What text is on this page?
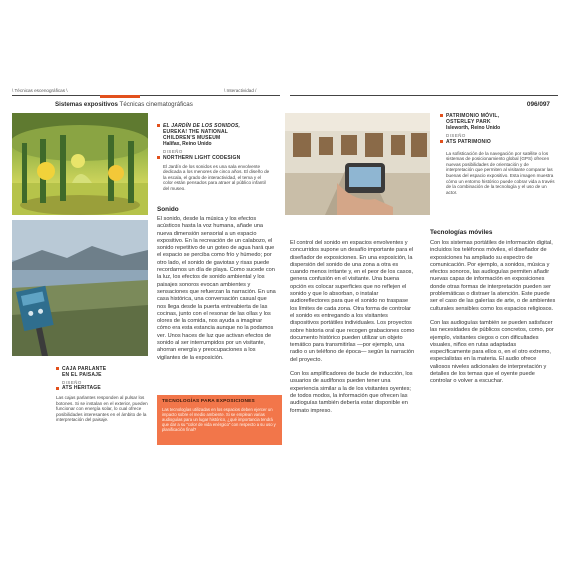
\ Técnicas escenográficas \	\ Interactividad /
Sistemas expositivos Técnicas cinematográficas	096/097
EL JARDÍN DE LOS SONIDOS,
EUREKA! THE NATIONAL
CHILDREN'S MUSEUM
Halifax, Reino Unido
DISEÑO
NORTHERN LIGHT CODESIGN
El Jardín de los sonidos es una sala envolvente dedicada a los menores de cinco años. El diseño de la escala, el grado de interactividad, el tema y el color están pensados para atraer al público infantil del museo.
Sonido
CAJA PARLANTE
EN EL PAISAJE
DISEÑO
ATS HERITAGE
Las cajas parlantes responden al pulsar los botones. Si se instalan en el exterior, pueden funcionar con energía solar, lo cual ofrece posibilidades interesantes en el ámbito de la interpretación del paisaje.
El sonido, desde la música y los efectos acústicos hasta la voz humana, añade una nueva dimensión sensorial a un espacio expositivo. En la recreación de un calabozo, el sonido repetitivo de un goteo de agua hará que el espacio se perciba como frío y húmedo; por otro lado, el sonido de gaviotas y risas puede recordarnos un día de playa. Como sucede con la luz, los efectos de sonido ambiental y los paisajes sonoros evocan ambientes y sensaciones que refuerzan la narración. En una casa histórica, una conversación casual que nos llega desde la puerta entreabierta de las cocinas, junto con el resonar de las ollas y los olores de la comida, nos ayuda a imaginar cómo era esta estancia aunque no la podamos ver. Unos haces de luz que activan efectos de sonido al ser interrumpidos por un visitante, ahorran energía y preocupaciones a los vigilantes de la exposición.
TECNOLOGÍAS PARA EXPOSICIONES
Las tecnologías utilizadas en los espacios deben ejercer un impacto sobre el medio ambiente. Si se emplean varias audioguías para un lugar histórico, ¿qué importancia tendrá que dar a su "color de vida enérgico" con respecto a su uso y planificación final?
PATRIMONIO MÓVIL,
OSTERLEY PARK
Isleworth, Reino Unido
DISEÑO
ATS PATRIMONIO
La sofisticación de la navegación por satélite o los sistemas de posicionamiento global (GPS) ofrecen nuevas posibilidades de orientación y de interpretación que permiten al visitante comparar las buenas del espacio expositivo. Esta imagen muestra cómo un entorno histórico puede cobrar vida a través de la combinación de la tecnología y el uso de un actor.

El control del sonido en espacios envolventes y concurridos supone un desafío importante para el diseñador de exposiciones. En una exposición, la dispersión del sonido de una zona a otra es cuando menos irritante y, en el peor de los casos, genera confusión en el visitante. Una buena opción es colocar superficies que no reflejen el sonido y que lo absorban, o instalar audioreflectores para que el sonido no traspase los límites de cada zona. Otra forma de controlar el sonido es entregando a los visitantes dispositivos portátiles individuales. Los proyectos sobre historia oral que recogen grabaciones como documento histórico pueden utilizar un objeto temático para transmitirlas —por ejemplo, una radio o un teléfono de época— según la narración del proyecto.

Con los amplificadores de bucle de inducción, los usuarios de audífonos pueden tener una experiencia similar a la de los visitantes oyentes; de todos modos, la información que ofrecen las audioguías también debería estar disponible en formato impreso.

Tecnologías móviles

Con los sistemas portátiles de información digital, incluidos los teléfonos móviles, el diseñador de exposiciones ha ampliado su espectro de comunicación. Por ejemplo, a sonidos, música y efectos sonoros, las audioguías permiten añadir nuevas capas de información en exposiciones donde otras formas de interpretación pueden ser problemáticas o distraer la atención. Este puede ser el caso de las galerías de arte, o de ambientes culturales sensibles como los espacios religiosos.

Con las audioguías también se pueden satisfacer las necesidades de públicos concretos, como, por ejemplo, visitantes ciegos o con dificultades visuales, niños en rutas adaptadas específicamente para ellos o, en el otro extremo, especialistas en la materia. El audio ofrece valiosos niveles adicionales de interpretación y detalles de los temas que el oyente puede controlar o volver a escuchar.
